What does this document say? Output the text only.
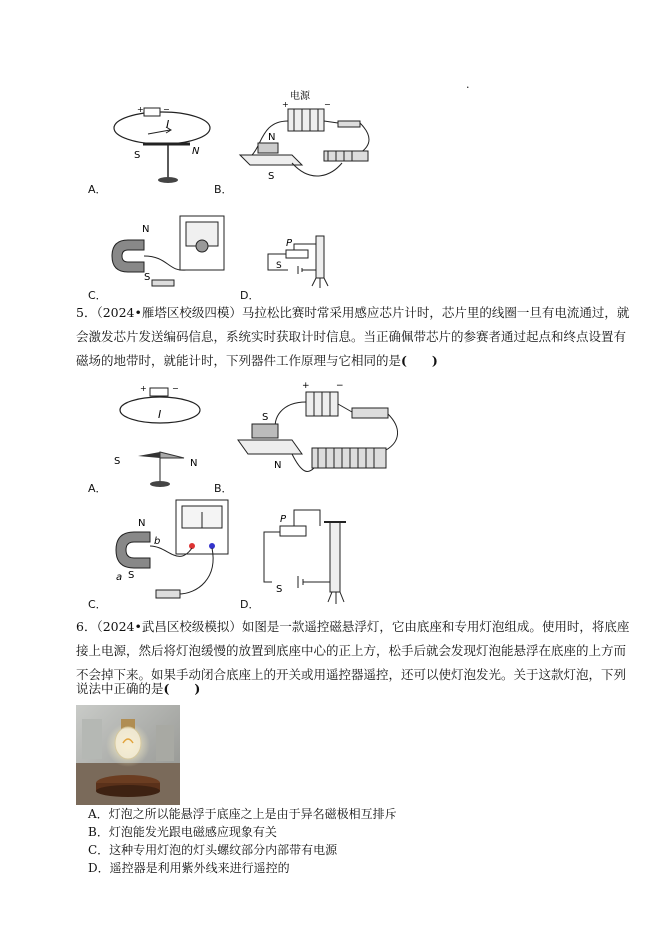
.
+ −
I
S	N
A．
电源
+	−
N
S
B．
N
S
C．
P
S
D．
5．（2024•雁塔区校级四模）马拉松比赛时常采用感应芯片计时，芯片里的线圈一旦有电流通过，就
会激发芯片发送编码信息，系统实时获取计时信息。当正确佩带芯片的参赛者通过起点和终点设置有
磁场的地带时，就能计时，下列器件工作原理与它相同的是(　　)
+	−
I
S	N
A．
+	−
S
N
B．
N
S
b
a
C．
P
S
D．
6．（2024•武昌区校级模拟）如图是一款遥控磁悬浮灯，它由底座和专用灯泡组成。使用时，将底座
接上电源，然后将灯泡缓慢的放置到底座中心的正上方，松手后就会发现灯泡能悬浮在底座的上方而
不会掉下来。如果手动闭合底座上的开关或用遥控器遥控，还可以使灯泡发光。关于这款灯泡，下列
说法中正确的是(　　)
A．灯泡之所以能悬浮于底座之上是由于异名磁极相互排斥
B．灯泡能发光跟电磁感应现象有关
C．这种专用灯泡的灯头螺纹部分内部带有电源
D．遥控器是利用紫外线来进行遥控的
